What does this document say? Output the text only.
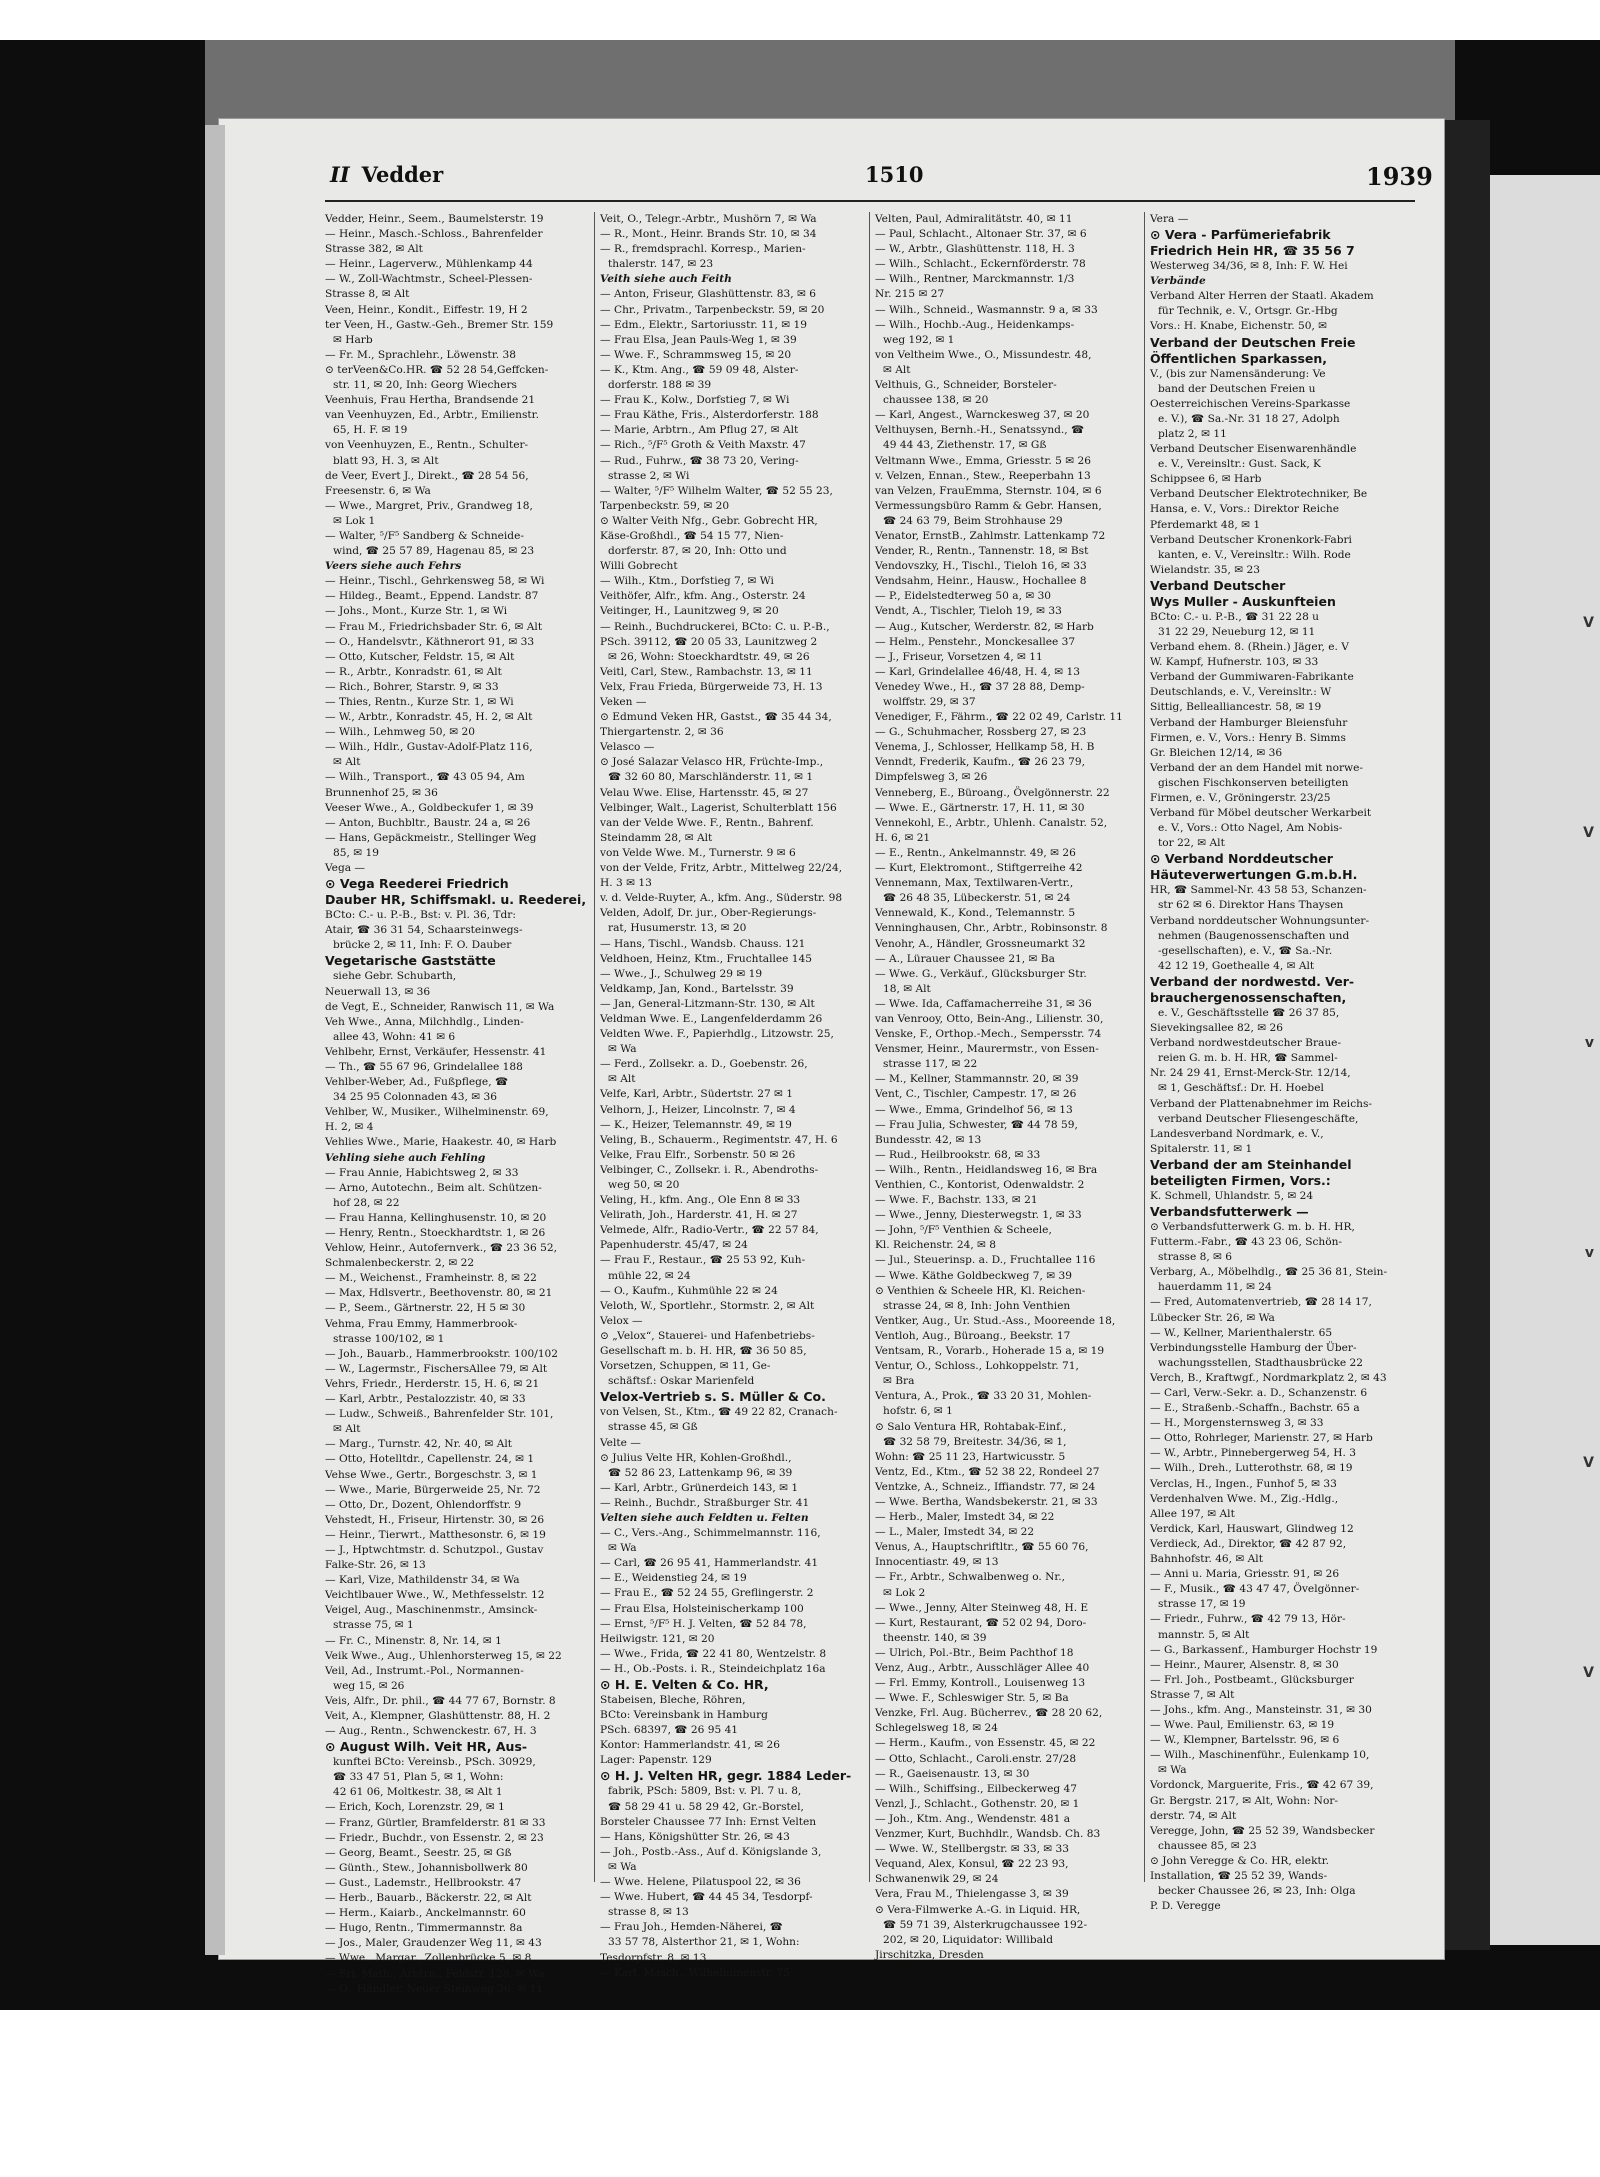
V
V
v
v
V
V
II Vedder	1510	1939
Vedder, Heinr., Seem., Baumelsterstr. 19
— Heinr., Masch.-Schloss., Bahrenfelder
Strasse 382, ✉ Alt
— Heinr., Lagerverw., Mühlenkamp 44
— W., Zoll-Wachtmstr., Scheel-Plessen-
Strasse 8, ✉ Alt
Veen, Heinr., Kondit., Eiffestr. 19, H 2
ter Veen, H., Gastw.-Geh., Bremer Str. 159
✉ Harb
— Fr. M., Sprachlehr., Löwenstr. 38
⊙ terVeen&Co.HR. ☎ 52 28 54,Geffcken-
str. 11, ✉ 20, Inh: Georg Wiechers
Veenhuis, Frau Hertha, Brandsende 21
van Veenhuyzen, Ed., Arbtr., Emilienstr.
65, H. F. ✉ 19
von Veenhuyzen, E., Rentn., Schulter-
blatt 93, H. 3, ✉ Alt
de Veer, Evert J., Direkt., ☎ 28 54 56,
Freesenstr. 6, ✉ Wa
— Wwe., Margret, Priv., Grandweg 18,
✉ Lok 1
— Walter, ⁵/F⁵ Sandberg & Schneide-
wind, ☎ 25 57 89, Hagenau 85, ✉ 23
Veers siehe auch Fehrs
— Heinr., Tischl., Gehrkensweg 58, ✉ Wi
— Hildeg., Beamt., Eppend. Landstr. 87
— Johs., Mont., Kurze Str. 1, ✉ Wi
— Frau M., Friedrichsbader Str. 6, ✉ Alt
— O., Handelsvtr., Käthnerort 91, ✉ 33
— Otto, Kutscher, Feldstr. 15, ✉ Alt
— R., Arbtr., Konradstr. 61, ✉ Alt
— Rich., Bohrer, Starstr. 9, ✉ 33
— Thies, Rentn., Kurze Str. 1, ✉ Wi
— W., Arbtr., Konradstr. 45, H. 2, ✉ Alt
— Wilh., Lehmweg 50, ✉ 20
— Wilh., Hdlr., Gustav-Adolf-Platz 116,
✉ Alt
— Wilh., Transport., ☎ 43 05 94, Am
Brunnenhof 25, ✉ 36
Veeser Wwe., A., Goldbeckufer 1, ✉ 39
— Anton, Buchbltr., Baustr. 24 a, ✉ 26
— Hans, Gepäckmeistr., Stellinger Weg
85, ✉ 19
Vega —
⊙ Vega Reederei Friedrich
Dauber HR, Schiffsmakl. u. Reederei,
BCto: C.- u. P.-B., Bst: v. Pl. 36, Tdr:
Atair, ☎ 36 31 54, Schaarsteinwegs-
brücke 2, ✉ 11, Inh: F. O. Dauber
Vegetarische Gaststätte
siehe Gebr. Schubarth,
Neuerwall 13, ✉ 36
de Vegt, E., Schneider, Ranwisch 11, ✉ Wa
Veh Wwe., Anna, Milchhdlg., Linden-
allee 43, Wohn: 41 ✉ 6
Vehlbehr, Ernst, Verkäufer, Hessenstr. 41
— Th., ☎ 55 67 96, Grindelallee 188
Vehlber-Weber, Ad., Fußpflege, ☎
34 25 95 Colonnaden 43, ✉ 36
Vehlber, W., Musiker., Wilhelminenstr. 69,
H. 2, ✉ 4
Vehlies Wwe., Marie, Haakestr. 40, ✉ Harb
Vehling siehe auch Fehling
— Frau Annie, Habichtsweg 2, ✉ 33
— Arno, Autotechn., Beim alt. Schützen-
hof 28, ✉ 22
— Frau Hanna, Kellinghusenstr. 10, ✉ 20
— Henry, Rentn., Stoeckhardtstr. 1, ✉ 26
Vehlow, Heinr., Autofernverk., ☎ 23 36 52,
Schmalenbeckerstr. 2, ✉ 22
— M., Weichenst., Framheinstr. 8, ✉ 22
— Max, Hdlsvertr., Beethovenstr. 80, ✉ 21
— P., Seem., Gärtnerstr. 22, H 5 ✉ 30
Vehma, Frau Emmy, Hammerbrook-
strasse 100/102, ✉ 1
— Joh., Bauarb., Hammerbrookstr. 100/102
— W., Lagermstr., FischersAllee 79, ✉ Alt
Vehrs, Friedr., Herderstr. 15, H. 6, ✉ 21
— Karl, Arbtr., Pestalozzistr. 40, ✉ 33
— Ludw., Schweiß., Bahrenfelder Str. 101,
✉ Alt
— Marg., Turnstr. 42, Nr. 40, ✉ Alt
— Otto, Hotelltdr., Capellenstr. 24, ✉ 1
Vehse Wwe., Gertr., Borgeschstr. 3, ✉ 1
— Wwe., Marie, Bürgerweide 25, Nr. 72
— Otto, Dr., Dozent, Ohlendorffstr. 9
Vehstedt, H., Friseur, Hirtenstr. 30, ✉ 26
— Heinr., Tierwrt., Matthesonstr. 6, ✉ 19
— J., Hptwchtmstr. d. Schutzpol., Gustav
Falke-Str. 26, ✉ 13
— Karl, Vize, Mathildenstr 34, ✉ Wa
Veichtlbauer Wwe., W., Methfesselstr. 12
Veigel, Aug., Maschinenmstr., Amsinck-
strasse 75, ✉ 1
— Fr. C., Minenstr. 8, Nr. 14, ✉ 1
Veik Wwe., Aug., Uhlenhorsterweg 15, ✉ 22
Veil, Ad., Instrumt.-Pol., Normannen-
weg 15, ✉ 26
Veis, Alfr., Dr. phil., ☎ 44 77 67, Bornstr. 8
Veit, A., Klempner, Glashüttenstr. 88, H. 2
— Aug., Rentn., Schwenckestr. 67, H. 3
⊙ August Wilh. Veit HR, Aus-
kunftei BCto: Vereinsb., PSch. 30929,
☎ 33 47 51, Plan 5, ✉ 1, Wohn:
42 61 06, Moltkestr. 38, ✉ Alt 1
— Erich, Koch, Lorenzstr. 29, ✉ 1
— Franz, Gürtler, Bramfelderstr. 81 ✉ 33
— Friedr., Buchdr., von Essenstr. 2, ✉ 23
— Georg, Beamt., Seestr. 25, ✉ Gß
— Günth., Stew., Johannisbollwerk 80
— Gust., Lademstr., Hellbrookstr. 47
— Herb., Bauarb., Bäckerstr. 22, ✉ Alt
— Herm., Kaiarb., Anckelmannstr. 60
— Hugo, Rentn., Timmermannstr. 8a
— Jos., Maler, Graudenzer Weg 11, ✉ 43
— Wwe., Margar., Zollenbrücke 5, ✉ 8
— Fri. Math., Arbtrn., Feldstr. 128, ✉ Wa
— O., Händler, Neuer Steinweg 36, ✉ 11
Veit, O., Telegr.-Arbtr., Mushörn 7, ✉ Wa
— R., Mont., Heinr. Brands Str. 10, ✉ 34
— R., fremdsprachl. Korresp., Marien-
thalerstr. 147, ✉ 23
Veith siehe auch Feith
— Anton, Friseur, Glashüttenstr. 83, ✉ 6
— Chr., Privatm., Tarpenbeckstr. 59, ✉ 20
— Edm., Elektr., Sartoriusstr. 11, ✉ 19
— Frau Elsa, Jean Pauls-Weg 1, ✉ 39
— Wwe. F., Schrammsweg 15, ✉ 20
— K., Ktm. Ang., ☎ 59 09 48, Alster-
dorferstr. 188 ✉ 39
— Frau K., Kolw., Dorfstieg 7, ✉ Wi
— Frau Käthe, Fris., Alsterdorferstr. 188
— Marie, Arbtrn., Am Pflug 27, ✉ Alt
— Rich., ⁵/F⁵ Groth & Veith Maxstr. 47
— Rud., Fuhrw., ☎ 38 73 20, Vering-
strasse 2, ✉ Wi
— Walter, ⁵/F⁵ Wilhelm Walter, ☎ 52 55 23,
Tarpenbeckstr. 59, ✉ 20
⊙ Walter Veith Nfg., Gebr. Gobrecht HR,
Käse-Großhdl., ☎ 54 15 77, Nien-
dorferstr. 87, ✉ 20, Inh: Otto und
Willi Gobrecht
— Wilh., Ktm., Dorfstieg 7, ✉ Wi
Veithöfer, Alfr., kfm. Ang., Osterstr. 24
Veitinger, H., Launitzweg 9, ✉ 20
— Reinh., Buchdruckerei, BCto: C. u. P.-B.,
PSch. 39112, ☎ 20 05 33, Launitzweg 2
✉ 26, Wohn: Stoeckhardtstr. 49, ✉ 26
Veitl, Carl, Stew., Rambachstr. 13, ✉ 11
Velx, Frau Frieda, Bürgerweide 73, H. 13
Veken —
⊙ Edmund Veken HR, Gastst., ☎ 35 44 34,
Thiergartenstr. 2, ✉ 36
Velasco —
⊙ José Salazar Velasco HR, Früchte-Imp.,
☎ 32 60 80, Marschländerstr. 11, ✉ 1
Velau Wwe. Elise, Hartensstr. 45, ✉ 27
Velbinger, Walt., Lagerist, Schulterblatt 156
van der Velde Wwe. F., Rentn., Bahrenf.
Steindamm 28, ✉ Alt
von Velde Wwe. M., Turnerstr. 9 ✉ 6
von der Velde, Fritz, Arbtr., Mittelweg 22/24,
H. 3 ✉ 13
v. d. Velde-Ruyter, A., kfm. Ang., Süderstr. 98
Velden, Adolf, Dr. jur., Ober-Regierungs-
rat, Husumerstr. 13, ✉ 20
— Hans, Tischl., Wandsb. Chauss. 121
Veldhoen, Heinz, Ktm., Fruchtallee 145
— Wwe., J., Schulweg 29 ✉ 19
Veldkamp, Jan, Kond., Bartelsstr. 39
— Jan, General-Litzmann-Str. 130, ✉ Alt
Veldman Wwe. E., Langenfelderdamm 26
Veldten Wwe. F., Papierhdlg., Litzowstr. 25,
✉ Wa
— Ferd., Zollsekr. a. D., Goebenstr. 26,
✉ Alt
Velfe, Karl, Arbtr., Südertstr. 27 ✉ 1
Velhorn, J., Heizer, Lincolnstr. 7, ✉ 4
— K., Heizer, Telemannstr. 49, ✉ 19
Veling, B., Schauerm., Regimentstr. 47, H. 6
Velke, Frau Elfr., Sorbenstr. 50 ✉ 26
Velbinger, C., Zollsekr. i. R., Abendroths-
weg 50, ✉ 20
Veling, H., kfm. Ang., Ole Enn 8 ✉ 33
Velirath, Joh., Harderstr. 41, H. ✉ 27
Velmede, Alfr., Radio-Vertr., ☎ 22 57 84,
Papenhuderstr. 45/47, ✉ 24
— Frau F., Restaur., ☎ 25 53 92, Kuh-
mühle 22, ✉ 24
— O., Kaufm., Kuhmühle 22 ✉ 24
Veloth, W., Sportlehr., Stormstr. 2, ✉ Alt
Velox —
⊙ „Velox“, Stauerei- und Hafenbetriebs-
Gesellschaft m. b. H. HR, ☎ 36 50 85,
Vorsetzen, Schuppen, ✉ 11, Ge-
schäftsf.: Oskar Marienfeld
Velox-Vertrieb s. S. Müller & Co.
von Velsen, St., Ktm., ☎ 49 22 82, Cranach-
strasse 45, ✉ Gß
Velte —
⊙ Julius Velte HR, Kohlen-Großhdl.,
☎ 52 86 23, Lattenkamp 96, ✉ 39
— Karl, Arbtr., Grünerdeich 143, ✉ 1
— Reinh., Buchdr., Straßburger Str. 41
Velten siehe auch Feldten u. Felten
— C., Vers.-Ang., Schimmelmannstr. 116,
✉ Wa
— Carl, ☎ 26 95 41, Hammerlandstr. 41
— E., Weidenstieg 24, ✉ 19
— Frau E., ☎ 52 24 55, Greflingerstr. 2
— Frau Elsa, Holsteinischerkamp 100
— Ernst, ⁵/F⁵ H. J. Velten, ☎ 52 84 78,
Heilwigstr. 121, ✉ 20
— Wwe., Frida, ☎ 22 41 80, Wentzelstr. 8
— H., Ob.-Posts. i. R., Steindeichplatz 16a
⊙ H. E. Velten & Co. HR,
Stabeisen, Bleche, Röhren,
BCto: Vereinsbank in Hamburg
PSch. 68397, ☎ 26 95 41
Kontor: Hammerlandstr. 41, ✉ 26
Lager: Papenstr. 129
⊙ H. J. Velten HR, gegr. 1884 Leder-
fabrik, PSch: 5809, Bst: v. Pl. 7 u. 8,
☎ 58 29 41 u. 58 29 42, Gr.-Borstel,
Borsteler Chaussee 77 Inh: Ernst Velten
— Hans, Königshütter Str. 26, ✉ 43
— Joh., Postb.-Ass., Auf d. Königslande 3,
✉ Wa
— Wwe. Helene, Pilatuspool 22, ✉ 36
— Wwe. Hubert, ☎ 44 45 34, Tesdorpf-
strasse 8, ✉ 13
— Frau Joh., Hemden-Näherei, ☎
33 57 78, Alsterthor 21, ✉ 1, Wohn:
Tesdorpfstr. 8, ✉ 13
— Karl, Masch., Wilhelminenstr. 75
Velten, Paul, Admiralitätstr. 40, ✉ 11
— Paul, Schlacht., Altonaer Str. 37, ✉ 6
— W., Arbtr., Glashüttenstr. 118, H. 3
— Wilh., Schlacht., Eckernförderstr. 78
— Wilh., Rentner, Marckmannstr. 1/3
Nr. 215 ✉ 27
— Wilh., Schneid., Wasmannstr. 9 a, ✉ 33
— Wilh., Hochb.-Aug., Heidenkamps-
weg 192, ✉ 1
von Veltheim Wwe., O., Missundestr. 48,
✉ Alt
Velthuis, G., Schneider, Borsteler-
chaussee 138, ✉ 20
— Karl, Angest., Warnckesweg 37, ✉ 20
Velthuysen, Bernh.-H., Senatssynd., ☎
49 44 43, Ziethenstr. 17, ✉ Gß
Veltmann Wwe., Emma, Griesstr. 5 ✉ 26
v. Velzen, Ennan., Stew., Reeperbahn 13
van Velzen, FrauEmma, Sternstr. 104, ✉ 6
Vermessungsbüro Ramm & Gebr. Hansen,
☎ 24 63 79, Beim Strohhause 29
Venator, ErnstB., Zahlmstr. Lattenkamp 72
Vender, R., Rentn., Tannenstr. 18, ✉ Bst
Vendovszky, H., Tischl., Tieloh 16, ✉ 33
Vendsahm, Heinr., Hausw., Hochallee 8
— P., Eidelstedterweg 50 a, ✉ 30
Vendt, A., Tischler, Tieloh 19, ✉ 33
— Aug., Kutscher, Werderstr. 82, ✉ Harb
— Helm., Penstehr., Monckesallee 37
— J., Friseur, Vorsetzen 4, ✉ 11
— Karl, Grindelallee 46/48, H. 4, ✉ 13
Venedey Wwe., H., ☎ 37 28 88, Demp-
wolffstr. 29, ✉ 37
Venediger, F., Fährm., ☎ 22 02 49, Carlstr. 11
— G., Schuhmacher, Rossberg 27, ✉ 23
Venema, J., Schlosser, Hellkamp 58, H. B
Venndt, Frederik, Kaufm., ☎ 26 23 79,
Dimpfelsweg 3, ✉ 26
Venneberg, E., Büroang., Övelgönnerstr. 22
— Wwe. E., Gärtnerstr. 17, H. 11, ✉ 30
Vennekohl, E., Arbtr., Uhlenh. Canalstr. 52,
H. 6, ✉ 21
— E., Rentn., Ankelmannstr. 49, ✉ 26
— Kurt, Elektromont., Stiftgerreihe 42
Vennemann, Max, Textilwaren-Vertr.,
☎ 26 48 35, Lübeckerstr. 51, ✉ 24
Vennewald, K., Kond., Telemannstr. 5
Venninghausen, Chr., Arbtr., Robinsonstr. 8
Venohr, A., Händler, Grossneumarkt 32
— A., Lürauer Chaussee 21, ✉ Ba
— Wwe. G., Verkäuf., Glücksburger Str.
18, ✉ Alt
— Wwe. Ida, Caffamacherreihe 31, ✉ 36
van Venrooy, Otto, Bein-Ang., Lilienstr. 30,
Venske, F., Orthop.-Mech., Sempersstr. 74
Vensmer, Heinr., Maurermstr., von Essen-
strasse 117, ✉ 22
— M., Kellner, Stammannstr. 20, ✉ 39
Vent, C., Tischler, Campestr. 17, ✉ 26
— Wwe., Emma, Grindelhof 56, ✉ 13
— Frau Julia, Schwester, ☎ 44 78 59,
Bundesstr. 42, ✉ 13
— Rud., Heilbrookstr. 68, ✉ 33
— Wilh., Rentn., Heidlandsweg 16, ✉ Bra
Venthien, C., Kontorist, Odenwaldstr. 2
— Wwe. F., Bachstr. 133, ✉ 21
— Wwe., Jenny, Diesterwegstr. 1, ✉ 33
— John, ⁵/F⁵ Venthien & Scheele,
Kl. Reichenstr. 24, ✉ 8
— Jul., Steuerinsp. a. D., Fruchtallee 116
— Wwe. Käthe Goldbeckweg 7, ✉ 39
⊙ Venthien & Scheele HR, Kl. Reichen-
strasse 24, ✉ 8, Inh: John Venthien
Ventker, Aug., Ur. Stud.-Ass., Mooreende 18,
Ventloh, Aug., Büroang., Beekstr. 17
Ventsam, R., Vorarb., Hoherade 15 a, ✉ 19
Ventur, O., Schloss., Lohkoppelstr. 71,
✉ Bra
Ventura, A., Prok., ☎ 33 20 31, Mohlen-
hofstr. 6, ✉ 1
⊙ Salo Ventura HR, Rohtabak-Einf.,
☎ 32 58 79, Breitestr. 34/36, ✉ 1,
Wohn: ☎ 25 11 23, Hartwicusstr. 5
Ventz, Ed., Ktm., ☎ 52 38 22, Rondeel 27
Ventzke, A., Schneiz., Iffiandstr. 77, ✉ 24
— Wwe. Bertha, Wandsbekerstr. 21, ✉ 33
— Herb., Maler, Imstedt 34, ✉ 22
— L., Maler, Imstedt 34, ✉ 22
Venus, A., Hauptschriftltr., ☎ 55 60 76,
Innocentiastr. 49, ✉ 13
— Fr., Arbtr., Schwalbenweg o. Nr.,
✉ Lok 2
— Wwe., Jenny, Alter Steinweg 48, H. E
— Kurt, Restaurant, ☎ 52 02 94, Doro-
theenstr. 140, ✉ 39
— Ulrich, Pol.-Btr., Beim Pachthof 18
Venz, Aug., Arbtr., Ausschläger Allee 40
— Frl. Emmy, Kontroll., Louisenweg 13
— Wwe. F., Schleswiger Str. 5, ✉ Ba
Venzke, Frl. Aug. Bücherrev., ☎ 28 20 62,
Schlegelsweg 18, ✉ 24
— Herm., Kaufm., von Essenstr. 45, ✉ 22
— Otto, Schlacht., Caroli.enstr. 27/28
— R., Gaeisenaustr. 13, ✉ 30
— Wilh., Schiffsing., Eilbeckerweg 47
Venzl, J., Schlacht., Gothenstr. 20, ✉ 1
— Joh., Ktm. Ang., Wendenstr. 481 a
Venzmer, Kurt, Buchhdlr., Wandsb. Ch. 83
— Wwe. W., Stellbergstr. ✉ 33, ✉ 33
Vequand, Alex, Konsul, ☎ 22 23 93,
Schwanenwik 29, ✉ 24
Vera, Frau M., Thielengasse 3, ✉ 39
⊙ Vera-Filmwerke A.-G. in Liquid. HR,
☎ 59 71 39, Alsterkrugchaussee 192-
202, ✉ 20, Liquidator: Willibald
Jirschitzka, Dresden
Vera —
⊙ Vera - Parfümeriefabrik
Friedrich Hein HR, ☎ 35 56 7
Westerweg 34/36, ✉ 8, Inh: F. W. Hei
Verbände
Verband Alter Herren der Staatl. Akadem
für Technik, e. V., Ortsgr. Gr.-Hbg
Vors.: H. Knabe, Eichenstr. 50, ✉
Verband der Deutschen Freie
Öffentlichen Sparkassen,
V., (bis zur Namensänderung: Ve
band der Deutschen Freien u
Oesterreichischen Vereins-Sparkasse
e. V.), ☎ Sa.-Nr. 31 18 27, Adolph
platz 2, ✉ 11
Verband Deutscher Eisenwarenhändle
e. V., Vereinsltr.: Gust. Sack, K
Schippsee 6, ✉ Harb
Verband Deutscher Elektrotechniker, Be
Hansa, e. V., Vors.: Direktor Reiche
Pferdemarkt 48, ✉ 1
Verband Deutscher Kronenkork-Fabri
kanten, e. V., Vereinsltr.: Wilh. Rode
Wielandstr. 35, ✉ 23
Verband Deutscher
Wys Muller - Auskunfteien
BCto: C.- u. P.-B., ☎ 31 22 28 u
31 22 29, Neueburg 12, ✉ 11
Verband ehem. 8. (Rhein.) Jäger, e. V
W. Kampf, Hufnerstr. 103, ✉ 33
Verband der Gummiwaren-Fabrikante
Deutschlands, e. V., Vereinsltr.: W
Sittig, Bellealliancestr. 58, ✉ 19
Verband der Hamburger Bleiensfuhr
Firmen, e. V., Vors.: Henry B. Simms
Gr. Bleichen 12/14, ✉ 36
Verband der an dem Handel mit norwe-
gischen Fischkonserven beteiligten
Firmen, e. V., Gröningerstr. 23/25
Verband für Möbel deutscher Werkarbeit
e. V., Vors.: Otto Nagel, Am Nobis-
tor 22, ✉ Alt
⊙ Verband Norddeutscher
Häuteverwertungen G.m.b.H.
HR, ☎ Sammel-Nr. 43 58 53, Schanzen-
str 62 ✉ 6. Direktor Hans Thaysen
Verband norddeutscher Wohnungsunter-
nehmen (Baugenossenschaften und
-gesellschaften), e. V., ☎ Sa.-Nr.
42 12 19, Goethealle 4, ✉ Alt
Verband der nordwestd. Ver-
brauchergenossenschaften,
e. V., Geschäftsstelle ☎ 26 37 85,
Sievekingsallee 82, ✉ 26
Verband nordwestdeutscher Braue-
reien G. m. b. H. HR, ☎ Sammel-
Nr. 24 29 41, Ernst-Merck-Str. 12/14,
✉ 1, Geschäftsf.: Dr. H. Hoebel
Verband der Plattenabnehmer im Reichs-
verband Deutscher Fliesengeschäfte,
Landesverband Nordmark, e. V.,
Spitalerstr. 11, ✉ 1
Verband der am Steinhandel
beteiligten Firmen, Vors.:
K. Schmell, Uhlandstr. 5, ✉ 24
Verbandsfutterwerk —
⊙ Verbandsfutterwerk G. m. b. H. HR,
Futterm.-Fabr., ☎ 43 23 06, Schön-
strasse 8, ✉ 6
Verbarg, A., Möbelhdlg., ☎ 25 36 81, Stein-
hauerdamm 11, ✉ 24
— Fred, Automatenvertrieb, ☎ 28 14 17,
Lübecker Str. 26, ✉ Wa
— W., Kellner, Marienthalerstr. 65
Verbindungsstelle Hamburg der Über-
wachungsstellen, Stadthausbrücke 22
Verch, B., Kraftwgf., Nordmarkplatz 2, ✉ 43
— Carl, Verw.-Sekr. a. D., Schanzenstr. 6
— E., Straßenb.-Schaffn., Bachstr. 65 a
— H., Morgensternsweg 3, ✉ 33
— Otto, Rohrleger, Marienstr. 27, ✉ Harb
— W., Arbtr., Pinnebergerweg 54, H. 3
— Wilh., Dreh., Lutterothstr. 68, ✉ 19
Verclas, H., Ingen., Funhof 5, ✉ 33
Verdenhalven Wwe. M., Zig.-Hdlg.,
Allee 197, ✉ Alt
Verdick, Karl, Hauswart, Glindweg 12
Verdieck, Ad., Direktor, ☎ 42 87 92,
Bahnhofstr. 46, ✉ Alt
— Anni u. Maria, Griesstr. 91, ✉ 26
— F., Musik., ☎ 43 47 47, Övelgönner-
strasse 17, ✉ 19
— Friedr., Fuhrw., ☎ 42 79 13, Hör-
mannstr. 5, ✉ Alt
— G., Barkassenf., Hamburger Hochstr 19
— Heinr., Maurer, Alsenstr. 8, ✉ 30
— Frl. Joh., Postbeamt., Glücksburger
Strasse 7, ✉ Alt
— Johs., kfm. Ang., Mansteinstr. 31, ✉ 30
— Wwe. Paul, Emilienstr. 63, ✉ 19
— W., Klempner, Bartelsstr. 96, ✉ 6
— Wilh., Maschinenführ., Eulenkamp 10,
✉ Wa
Vordonck, Marguerite, Fris., ☎ 42 67 39,
Gr. Bergstr. 217, ✉ Alt, Wohn: Nor-
derstr. 74, ✉ Alt
Veregge, John, ☎ 25 52 39, Wandsbecker
chaussee 85, ✉ 23
⊙ John Veregge & Co. HR, elektr.
Installation, ☎ 25 52 39, Wands-
becker Chaussee 26, ✉ 23, Inh: Olga
P. D. Veregge
